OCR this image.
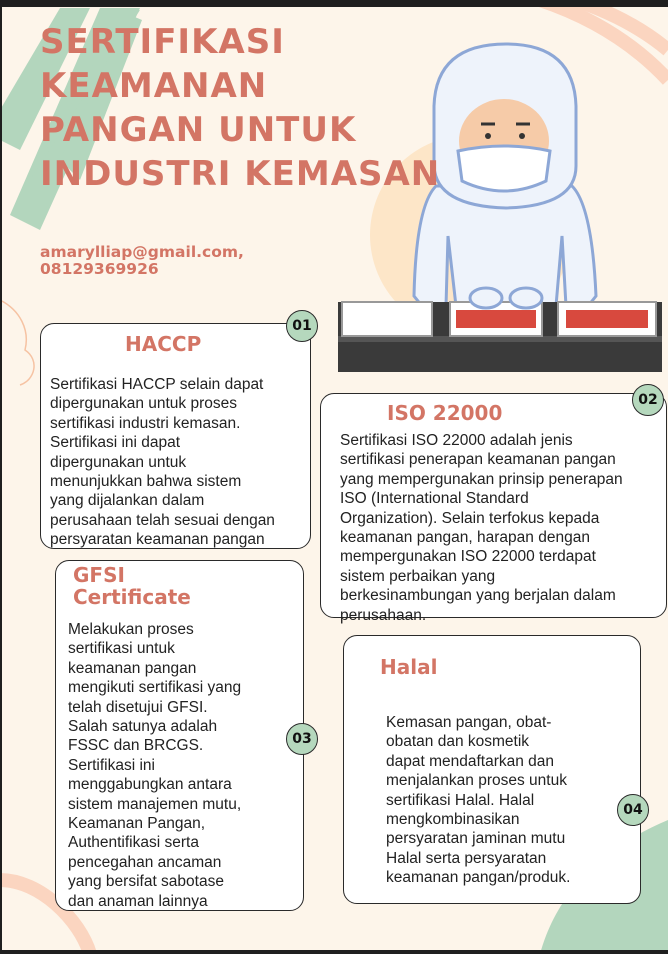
SERTIFIKASI
KEAMANAN
PANGAN UNTUK
INDUSTRI KEMASAN
amarylliap@gmail.com,
08129369926
HACCP
Sertifikasi HACCP selain dapat
dipergunakan untuk proses
sertifikasi industri kemasan.
Sertifikasi ini dapat
dipergunakan untuk
menunjukkan bahwa sistem
yang dijalankan dalam
perusahaan telah sesuai dengan
persyaratan keamanan pangan
01
ISO 22000
Sertifikasi ISO 22000 adalah jenis
sertifikasi penerapan keamanan pangan
yang mempergunakan prinsip penerapan
ISO (International Standard
Organization). Selain terfokus kepada
keamanan pangan, harapan dengan
mempergunakan ISO 22000 terdapat
sistem perbaikan yang
berkesinambungan yang berjalan dalam
perusahaan.
02
GFSI
Certificate
Melakukan proses
sertifikasi untuk
keamanan pangan
mengikuti sertifikasi yang
telah disetujui GFSI.
Salah satunya adalah
FSSC dan BRCGS.
Sertifikasi ini
menggabungkan antara
sistem manajemen mutu,
Keamanan Pangan,
Authentifikasi serta
pencegahan ancaman
yang bersifat sabotase
dan anaman lainnya
03
Halal
Kemasan pangan, obat-
obatan dan kosmetik
dapat mendaftarkan dan
menjalankan proses untuk
sertifikasi Halal. Halal
mengkombinasikan
persyaratan jaminan mutu
Halal serta persyaratan
keamanan pangan/produk.
04
